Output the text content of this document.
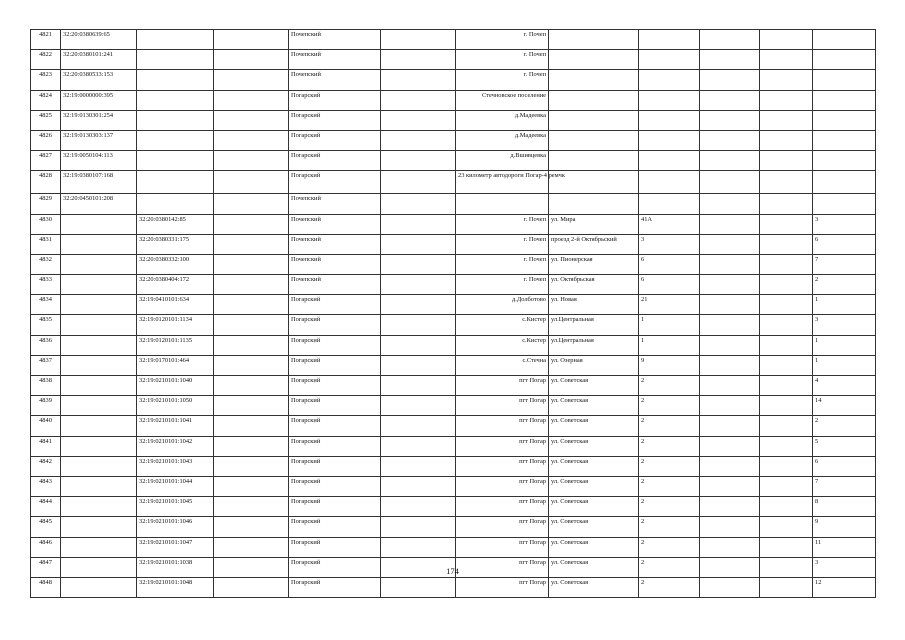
4821	32:20:0380639:65			Почепский		г. Почеп					
4822	32:20:0380101:241			Почепский		г. Почеп					
4823	32:20:0380533:153			Почепский		г. Почеп					
4824	32:19:0000000:395			Погарский		Стечновское поселение					
4825	32:19:0130301:254			Погарский		д.Мадеевка					
4826	32:19:0130303:137			Погарский		д.Мадеевка					
4827	32:19:0050104:113			Погарский		д.Вшивцевка					
4828	32:19:0380107:168			Погарский		23 километр автодороги Погар-4 ремчк					
4829	32:20:0450101:208			Почепский							
4830		32:20:0380142:85		Почепский		г. Почеп	ул. Мира	41А			3
4831		32:20:0380331:175		Почепский		г. Почеп	проезд 2-й Октябрьский	3			6
4832		32:20:0380332:100		Почепский		г. Почеп	ул. Пионерская	6			7
4833		32:20:0380404:172		Почепский		г. Почеп	ул. Октябрьская	6			2
4834		32:19:0410101:634		Погарский		д.Долботово	ул. Новая	21			1
4835		32:19:0120101:1134		Погарский		с.Кистер	ул.Центральная	1			3
4836		32:19:0120101:1135		Погарский		с.Кистер	ул.Центральная	1			1
4837		32:19:0170101:464		Погарский		с.Стечна	ул. Озерная	9			1
4838		32:19:0210101:1040		Погарский		пгт Погар	ул. Советская	2			4
4839		32:19:0210101:1050		Погарский		пгт Погар	ул. Советская	2			14
4840		32:19:0210101:1041		Погарский		пгт Погар	ул. Советская	2			2
4841		32:19:0210101:1042		Погарский		пгт Погар	ул. Советская	2			5
4842		32:19:0210101:1043		Погарский		пгт Погар	ул. Советская	2			6
4843		32:19:0210101:1044		Погарский		пгт Погар	ул. Советская	2			7
4844		32:19:0210101:1045		Погарский		пгт Погар	ул. Советская	2			8
4845		32:19:0210101:1046		Погарский		пгт Погар	ул. Советская	2			9
4846		32:19:0210101:1047		Погарский		пгт Погар	ул. Советская	2			11
4847		32:19:0210101:1038		Погарский		пгт Погар	ул. Советская	2			3
4848		32:19:0210101:1048		Погарский		пгт Погар	ул. Советская	2			12
174
